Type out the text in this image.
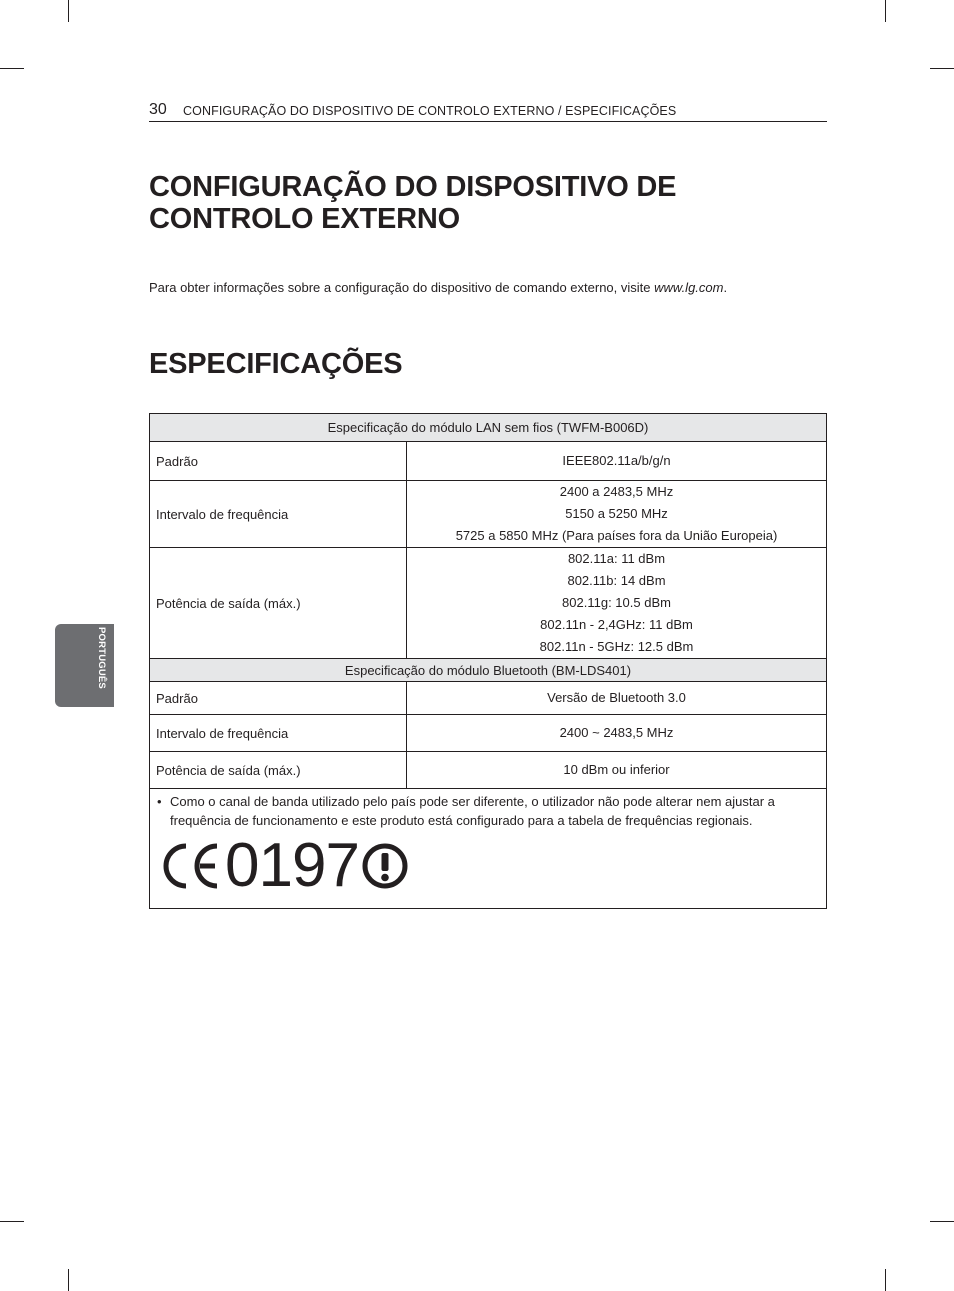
30 CONFIGURAÇÃO DO DISPOSITIVO DE CONTROLO EXTERNO / ESPECIFICAÇÕES
CONFIGURAÇÃO DO DISPOSITIVO DE
CONTROLO EXTERNO

Para obter informações sobre a configuração do dispositivo de comando externo, visite www.lg.com.

ESPECIFICAÇÕES
PORTUGUÊS
Especificação do módulo LAN sem fios (TWFM-B006D)	
Padrão	IEEE802.11a/b/g/n
Intervalo de frequência	2400 a 2483,5 MHz
5150 a 5250 MHz
5725 a 5850 MHz (Para países fora da União Europeia)

Potência de saída (máx.)	802.11a: 11 dBm
802.11b: 14 dBm
802.11g: 10.5 dBm
802.11n - 2,4GHz: 11 dBm
802.11n - 5GHz: 12.5 dBm

Especificação do módulo Bluetooth (BM-LDS401)	
Padrão	Versão de Bluetooth 3.0
Intervalo de frequência	2400 ~ 2483,5 MHz
Potência de saída (máx.)	10 dBm ou inferior

• Como o canal de banda utilizado pelo país pode ser diferente, o utilizador não pode alterar nem ajustar a frequência de funcionamento e este produto está configurado para a tabela de frequências regionais.
0197	
